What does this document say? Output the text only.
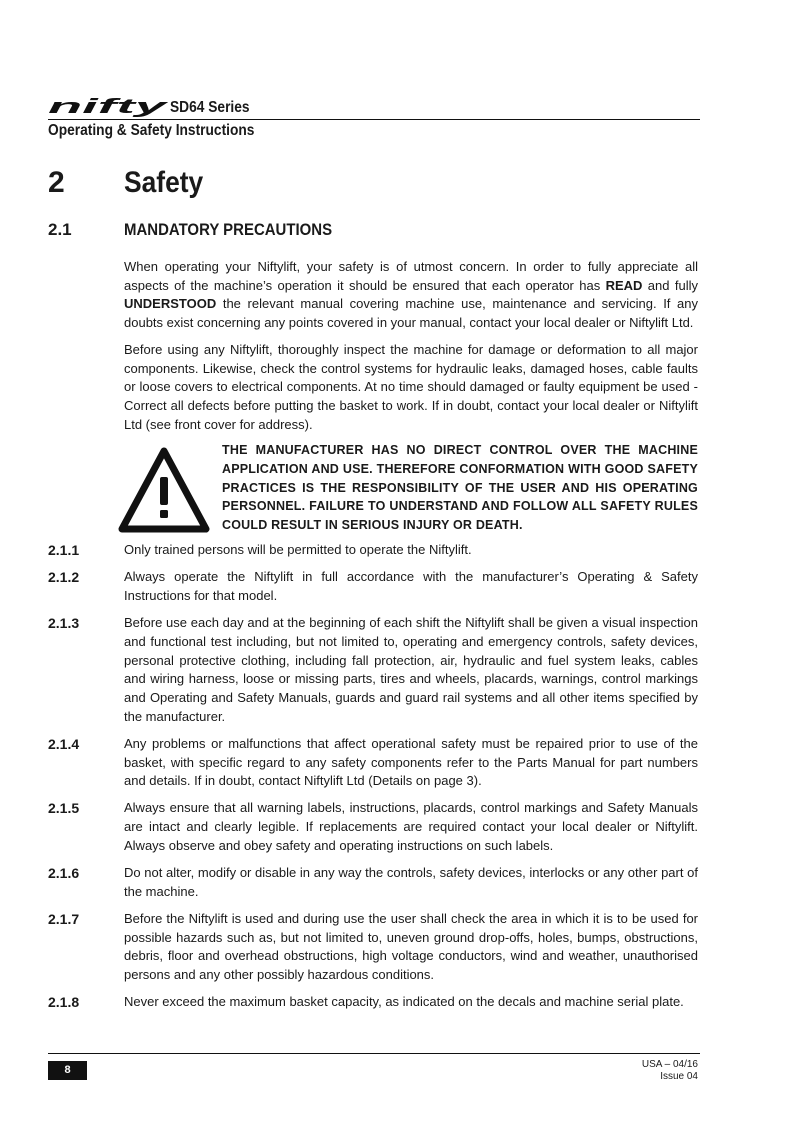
nifty SD64 Series
Operating & Safety Instructions
2	Safety
2.1	MANDATORY PRECAUTIONS
When operating your Niftylift, your safety is of utmost concern. In order to fully appreciate all aspects of the machine’s operation it should be ensured that each operator has READ and fully UNDERSTOOD the relevant manual covering machine use, maintenance and servicing. If any doubts exist concerning any points covered in your manual, contact your local dealer or Niftylift Ltd.
Before using any Niftylift, thoroughly inspect the machine for damage or deformation to all major components. Likewise, check the control systems for hydraulic leaks, damaged hoses, cable faults or loose covers to electrical components. At no time should damaged or faulty equipment be used - Correct all defects before putting the basket to work. If in doubt, contact your local dealer or Niftylift Ltd (see front cover for address).
THE MANUFACTURER HAS NO DIRECT CONTROL OVER THE MACHINE APPLICATION AND USE. THEREFORE CONFORMATION WITH GOOD SAFETY PRACTICES IS THE RESPONSIBILITY OF THE USER AND HIS OPERATING PERSONNEL. FAILURE TO UNDERSTAND AND FOLLOW ALL SAFETY RULES COULD RESULT IN SERIOUS INJURY OR DEATH.
2.1.1	Only trained persons will be permitted to operate the Niftylift.
2.1.2	Always operate the Niftylift in full accordance with the manufacturer’s Operating & Safety Instructions for that model.
2.1.3	Before use each day and at the beginning of each shift the Niftylift shall be given a visual inspection and functional test including, but not limited to, operating and emergency controls, safety devices, personal protective clothing, including fall protection, air, hydraulic and fuel system leaks, cables and wiring harness, loose or missing parts, tires and wheels, placards, warnings, control markings and Operating and Safety Manuals, guards and guard rail systems and all other items specified by the manufacturer.
2.1.4	Any problems or malfunctions that affect operational safety must be repaired prior to use of the basket, with specific regard to any safety components refer to the Parts Manual for part numbers and details. If in doubt, contact Niftylift Ltd (Details on page 3).
2.1.5	Always ensure that all warning labels, instructions, placards, control markings and Safety Manuals are intact and clearly legible. If replacements are required contact your local dealer or Niftylift. Always observe and obey safety and operating instructions on such labels.
2.1.6	Do not alter, modify or disable in any way the controls, safety devices, interlocks or any other part of the machine.
2.1.7	Before the Niftylift is used and during use the user shall check the area in which it is to be used for possible hazards such as, but not limited to, uneven ground drop-offs, holes, bumps, obstructions, debris, floor and overhead obstructions, high voltage conductors, wind and weather, unauthorised persons and any other possibly hazardous conditions.
2.1.8	Never exceed the maximum basket capacity, as indicated on the decals and machine serial plate.
8	USA – 04/16
Issue 04
